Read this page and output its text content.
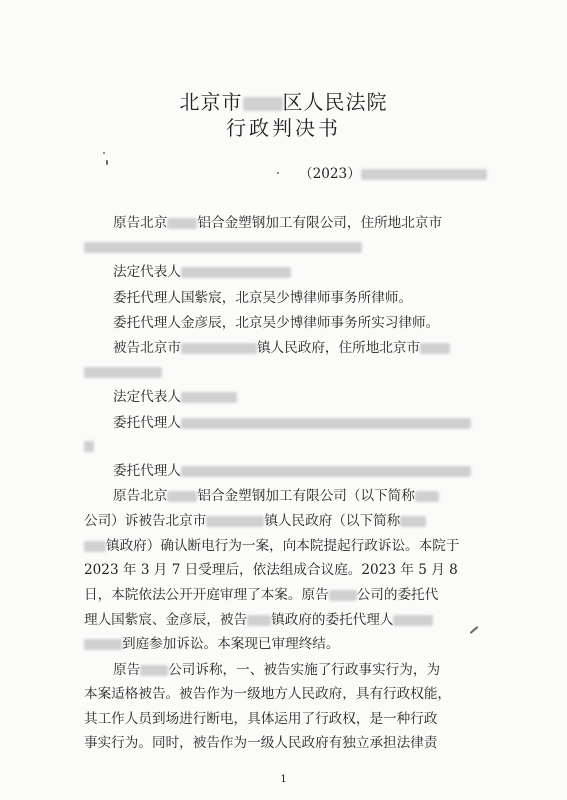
北京市 区人民法院
行政判决书
（2023）
原告北京 铝合金塑钢加工有限公司，住所地北京市
法定代表人
委托代理人国紫宸，北京吴少博律师事务所律师。
委托代理人金彦辰，北京吴少博律师事务所实习律师。
被告北京市	镇人民政府，住所地北京市
法定代表人
委托代理人
委托代理人
原告北京 铝合金塑钢加工有限公司（以下简称
公司）诉被告北京市	镇人民政府（以下简称
镇政府）确认断电行为一案，向本院提起行政诉讼。本院于
2023 年 3 月 7 日受理后，依法组成合议庭。2023 年 5 月 8
日，本院依法公开开庭审理了本案。原告 公司的委托代
理人国紫宸、金彦辰，被告 镇政府的委托代理人
到庭参加诉讼。本案现已审理终结。
原告 公司诉称，一、被告实施了行政事实行为，为
本案适格被告。被告作为一级地方人民政府，具有行政权能，
其工作人员到场进行断电，具体运用了行政权，是一种行政
事实行为。同时，被告作为一级人民政府有独立承担法律责
1
